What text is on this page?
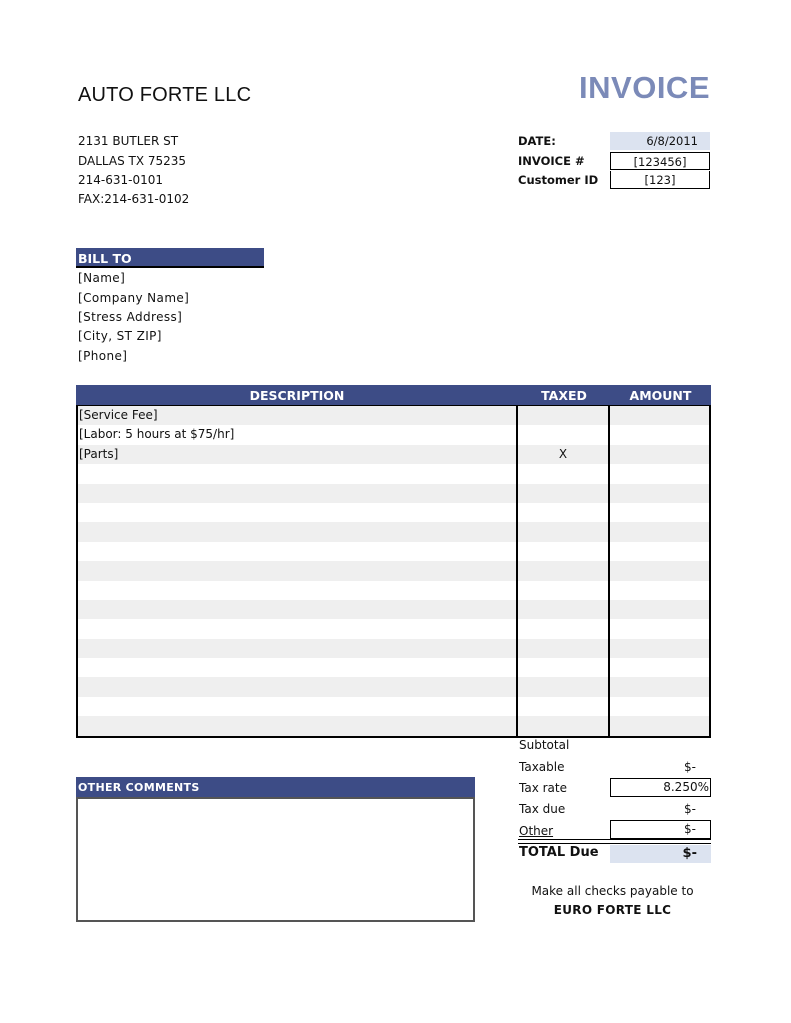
AUTO FORTE LLC	INVOICE
2131 BUTLER ST
DALLAS TX 75235
214-631-0101
FAX:214-631-0102
DATE:	6/8/2011
INVOICE #	[123456]
Customer ID	[123]
BILL TO
[Name]
[Company Name]
[Stress Address]
[City, ST ZIP]
[Phone]
DESCRIPTION	TAXED	AMOUNT
[Service Fee]
[Labor: 5 hours at $75/hr]
[Parts]	X
Subtotal
Taxable	$-
Tax rate	8.250%
Tax due	$-
Other	$-
TOTAL Due	$-
OTHER COMMENTS
Make all checks payable to
EURO FORTE LLC
